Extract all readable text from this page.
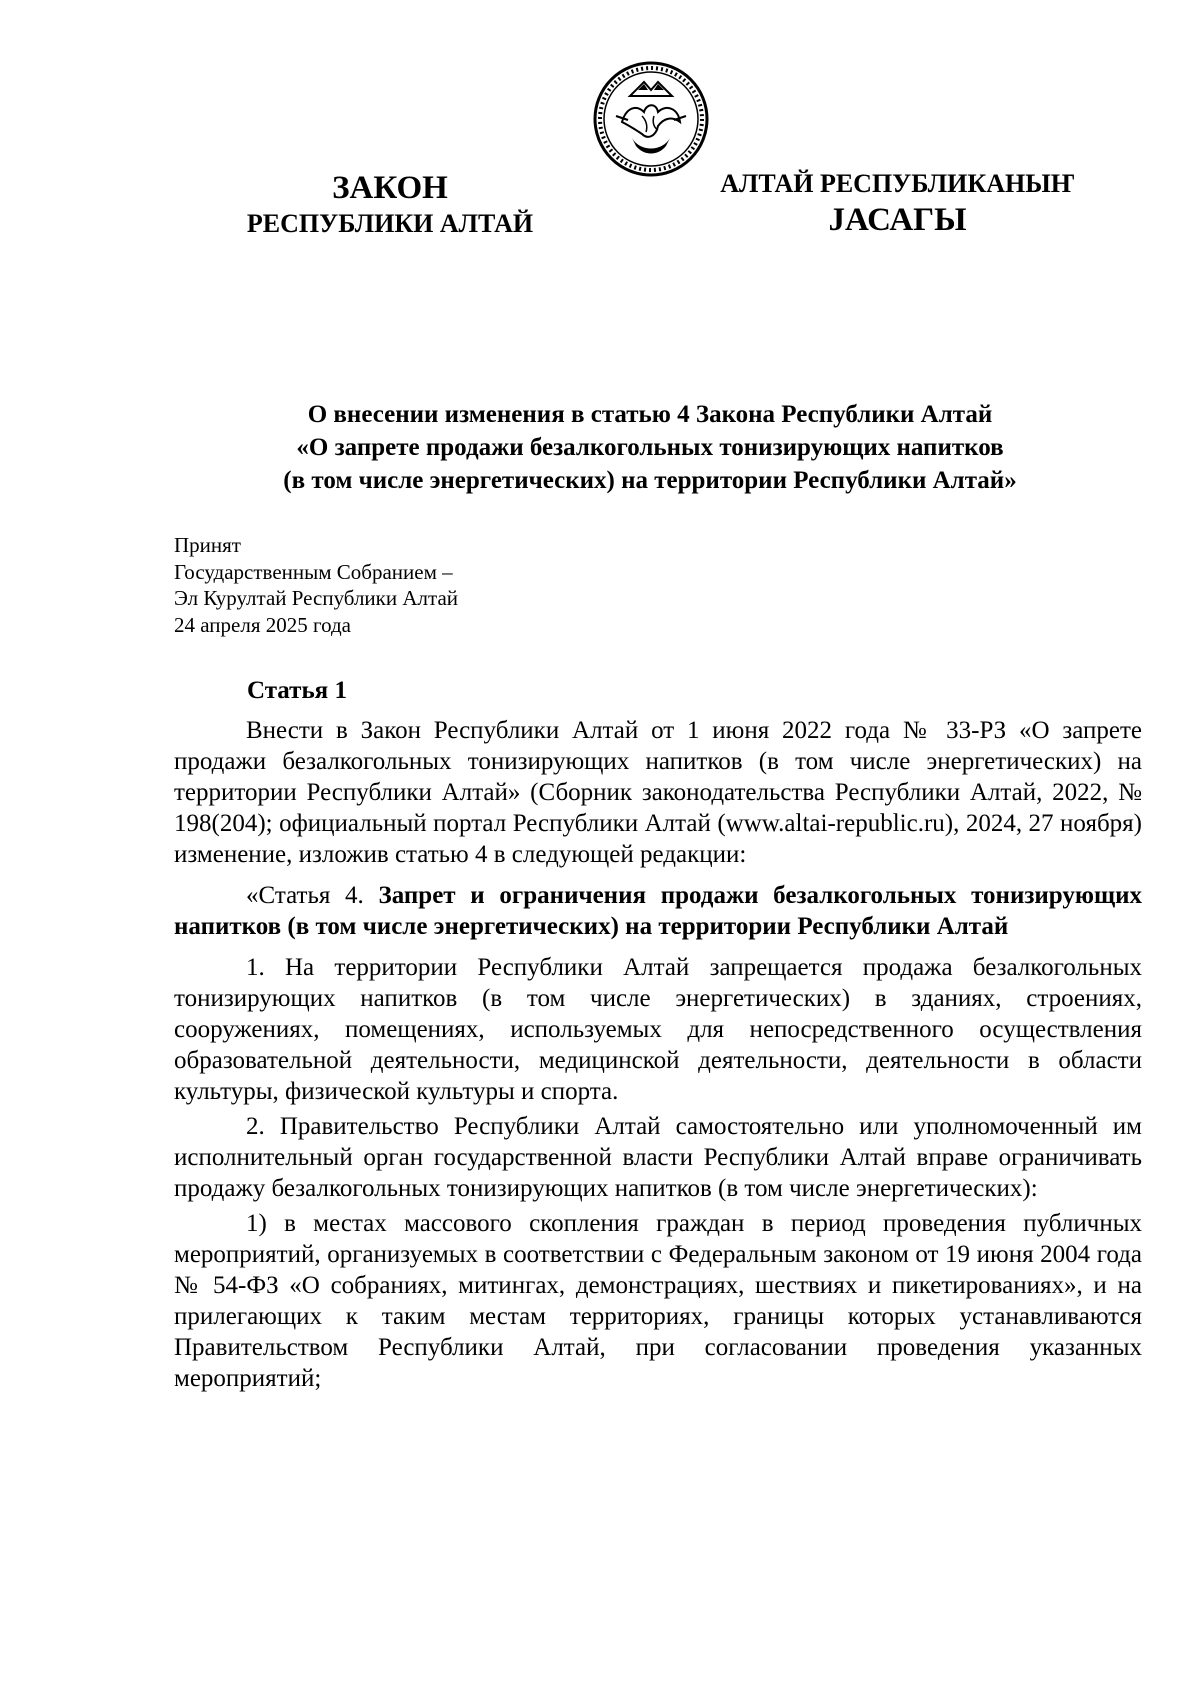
ЗАКОН
РЕСПУБЛИКИ АЛТАЙ
АЛТАЙ РЕСПУБЛИКАНЫҤ
JАСАГЫ
О внесении изменения в статью 4 Закона Республики Алтай
«О запрете продажи безалкогольных тонизирующих напитков
(в том числе энергетических) на территории Республики Алтай»
Принят
Государственным Собранием –
Эл Курултай Республики Алтай
24 апреля 2025 года
Статья 1

Внести в Закон Республики Алтай от 1 июня 2022 года № 33-РЗ «О запрете продажи безалкогольных тонизирующих напитков (в том числе энергетических) на территории Республики Алтай» (Сборник законодательства Республики Алтай, 2022, № 198(204); официальный портал Республики Алтай (www.altai-republic.ru), 2024, 27 ноября) изменение, изложив статью 4 в следующей редакции:

«Статья 4. Запрет и ограничения продажи безалкогольных тонизирующих напитков (в том числе энергетических) на территории Республики Алтай

1. На территории Республики Алтай запрещается продажа безалкогольных тонизирующих напитков (в том числе энергетических) в зданиях, строениях, сооружениях, помещениях, используемых для непосредственного осуществления образовательной деятельности, медицинской деятельности, деятельности в области культуры, физической культуры и спорта.

2. Правительство Республики Алтай самостоятельно или уполномоченный им исполнительный орган государственной власти Республики Алтай вправе ограничивать продажу безалкогольных тонизирующих напитков (в том числе энергетических):

1) в местах массового скопления граждан в период проведения публичных мероприятий, организуемых в соответствии с Федеральным законом от 19 июня 2004 года № 54-ФЗ «О собраниях, митингах, демонстрациях, шествиях и пикетированиях», и на прилегающих к таким местам территориях, границы которых устанавливаются Правительством Республики Алтай, при согласовании проведения указанных мероприятий;
